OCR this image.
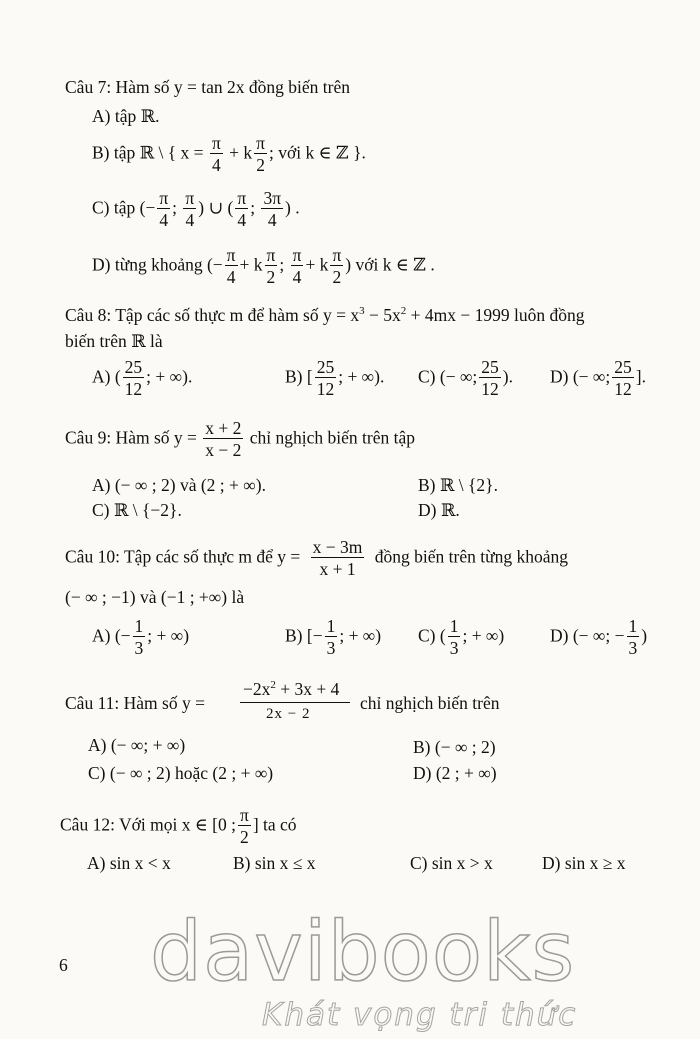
Câu 7: Hàm số y = tan 2x đồng biến trên
A) tập ℝ.
B) tập ℝ \ { $x = \frac{\pi}{4} + k \frac{\pi}{2}$ ; với k ∈ ℤ }.
C) tập (− $\frac{\pi}{4}$ ; $\frac{\pi}{4}$ ) ∪ ( $\frac{\pi}{4}$ ; $\frac{3\pi}{4}$ ) .
D) từng khoảng (− $\frac{\pi}{4} + k \frac{\pi}{2}$ ; $\frac{\pi}{4} + k \frac{\pi}{2}$ ) với k ∈ ℤ .
Câu 8: Tập các số thực m để hàm số $y = x^3 - 5x^2 + 4mx - 1999$ luôn đồng
biến trên ℝ là
A) ( $\frac{25}{12}$ ; + ∞).	B) [ $\frac{25}{12}$ ; + ∞). C) (− ∞; $\frac{25}{12}$ ). D) (− ∞; $\frac{25}{12}$ ].
Câu 9: Hàm số $y = \frac{x + 2}{x - 2}$ chỉ nghịch biến trên tập
A) (− ∞ ; 2) và (2 ; + ∞).	B) ℝ \ {2}.
C) ℝ \ {−2}.	D) ℝ.
Câu 10: Tập các số thực m để $y = \frac{x - 3m}{x + 1}$ đồng biến trên từng khoảng
(− ∞ ; −1) và (−1 ; +∞) là
A) (− $\frac{1}{3}$ ; + ∞)	B) [− $\frac{1}{3}$ ; + ∞) C) ( $\frac{1}{3}$ ; + ∞)	D) (− ∞; − $\frac{1}{3}$ )
Câu 11: Hàm số y =
$-2x^2 + 3x + 4$
2x − 2
chỉ nghịch biến trên
A) (− ∞; + ∞)	B) (− ∞ ; 2)
C) (− ∞ ; 2) hoặc (2 ; + ∞)	D) (2 ; + ∞)
Câu 12: Với mọi x ∈ [0 ; $\frac{\pi}{2}$ ] ta có
A) sin x < x	B) sin x ≤ x	C) sin x > x	D) sin x ≥ x
6 davibooks
Khát vọng tri thức
